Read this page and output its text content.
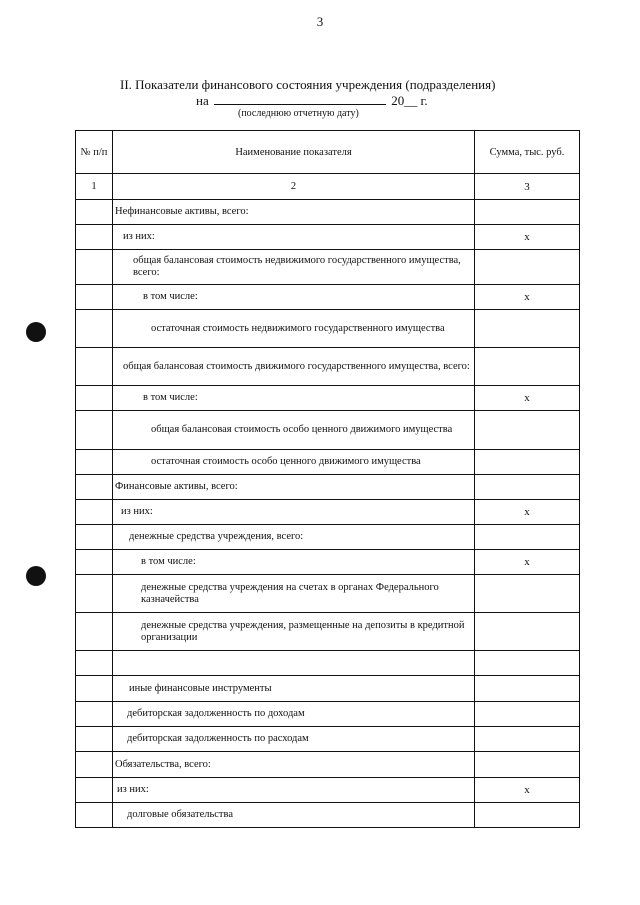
3
II. Показатели финансового состояния учреждения (подразделения)
на	20__ г.
(последнюю отчетную дату)
№ п/п	Наименование показателя	Сумма, тыс. руб.
1	2	3
	Нефинансовые активы, всего:	
	из них:	x
	общая балансовая стоимость недвижимого государственного имущества, всего:	
	в том числе:	x
	остаточная стоимость недвижимого государственного имущества	
	общая балансовая стоимость движимого государственного имущества, всего:	
	в том числе:	x
	общая балансовая стоимость особо ценного движимого имущества	
	остаточная стоимость особо ценного движимого имущества	
	Финансовые активы, всего:	
	из них:	x
	денежные средства учреждения, всего:	
	в том числе:	x
	денежные средства учреждения на счетах в органах Федерального казначейства	
	денежные средства учреждения, размещенные на депозиты в кредитной организации	

	иные финансовые инструменты	
	дебиторская задолженность по доходам	
	дебиторская задолженность по расходам	
	Обязательства, всего:	
	из них:	x
	долговые обязательства	
